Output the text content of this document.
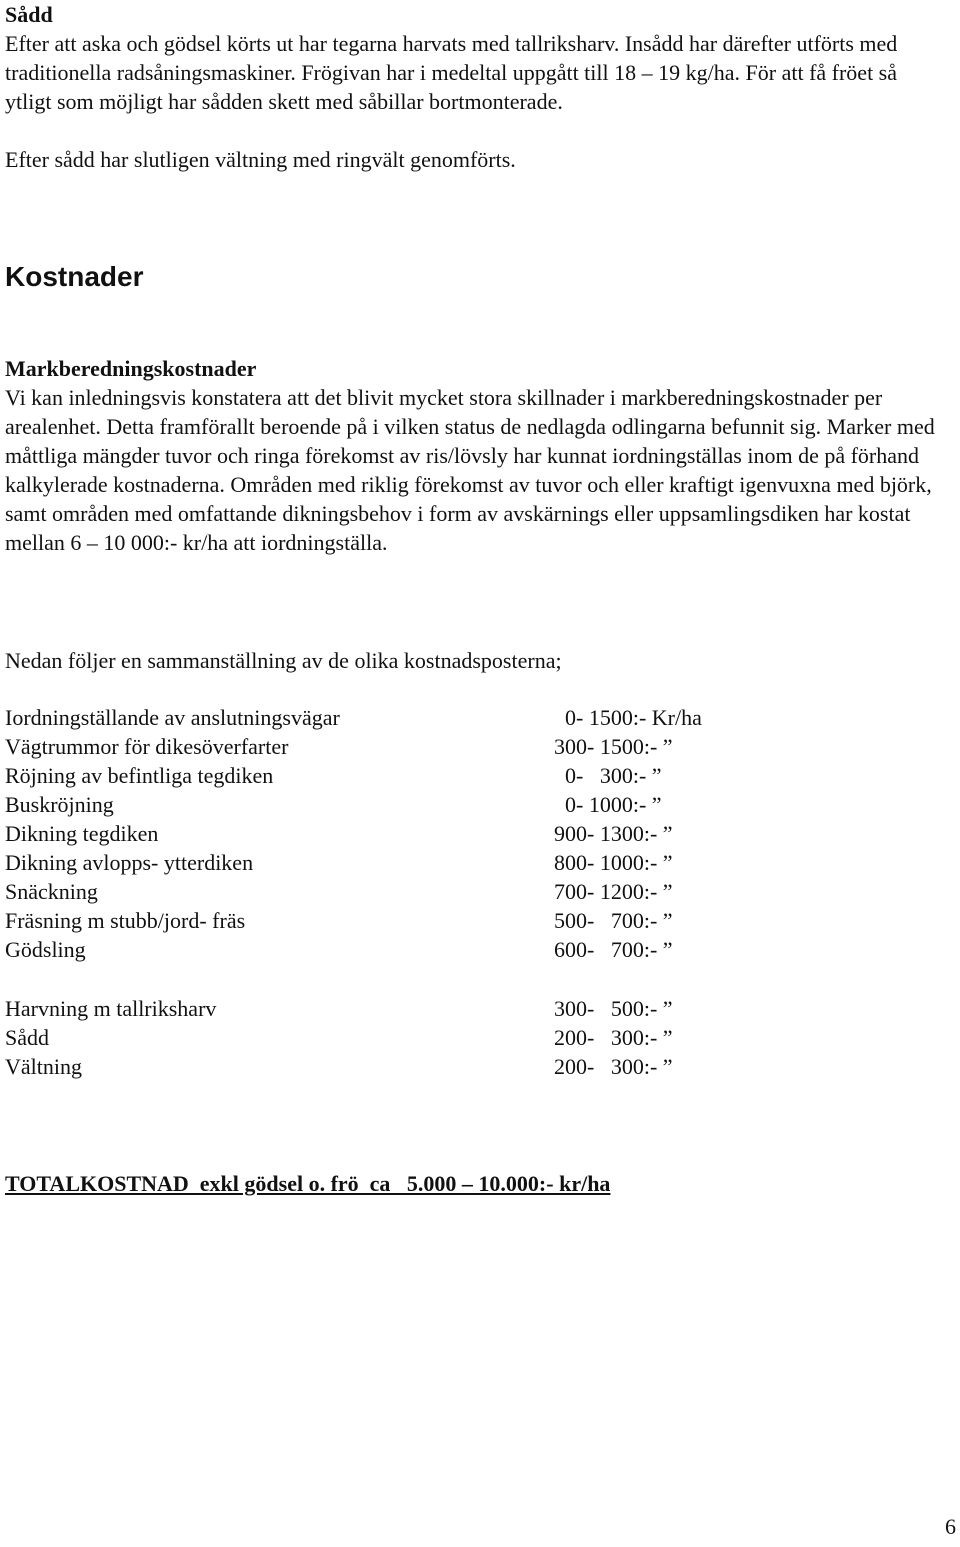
Sådd

Efter att aska och gödsel körts ut har tegarna harvats med tallriksharv. Insådd har därefter utförts med traditionella radsåningsmaskiner. Frögivan har i medeltal uppgått till 18 – 19 kg/ha. För att få fröet så ytligt som möjligt har sådden skett med såbillar bortmonterade.

Efter sådd har slutligen vältning med ringvält genomförts.

Kostnader
Markberedningskostnader

Vi kan inledningsvis konstatera att det blivit mycket stora skillnader i markberedningskostnader per arealenhet. Detta framförallt beroende på i vilken status de nedlagda odlingarna befunnit sig. Marker med måttliga mängder tuvor och ringa förekomst av ris/lövsly har kunnat iordningställas inom de på förhand kalkylerade kostnaderna. Områden med riklig förekomst av tuvor och eller kraftigt igenvuxna med björk, samt områden med omfattande dikningsbehov i form av avskärnings eller uppsamlingsdiken har kostat mellan 6 – 10 000:- kr/ha att iordningställa.

Nedan följer en sammanställning av de olika kostnadsposterna;

Iordningställande av anslutningsvägar	0- 1500:- Kr/ha
Vägtrummor för dikesöverfarter	300- 1500:- ”
Röjning av befintliga tegdiken	0-   300:- ”
Buskröjning	0- 1000:- ”
Dikning tegdiken	900- 1300:- ”
Dikning avlopps- ytterdiken	800- 1000:- ”
Snäckning	700- 1200:- ”
Fräsning m stubb/jord- fräs	500-   700:- ”
Gödsling	600-   700:- ”
Harvning m tallriksharv	300-   500:- ”
Sådd	200-   300:- ”
Vältning	200-   300:- ”
TOTALKOSTNAD  exkl gödsel o. frö  ca   5.000 – 10.000:- kr/ha
6
